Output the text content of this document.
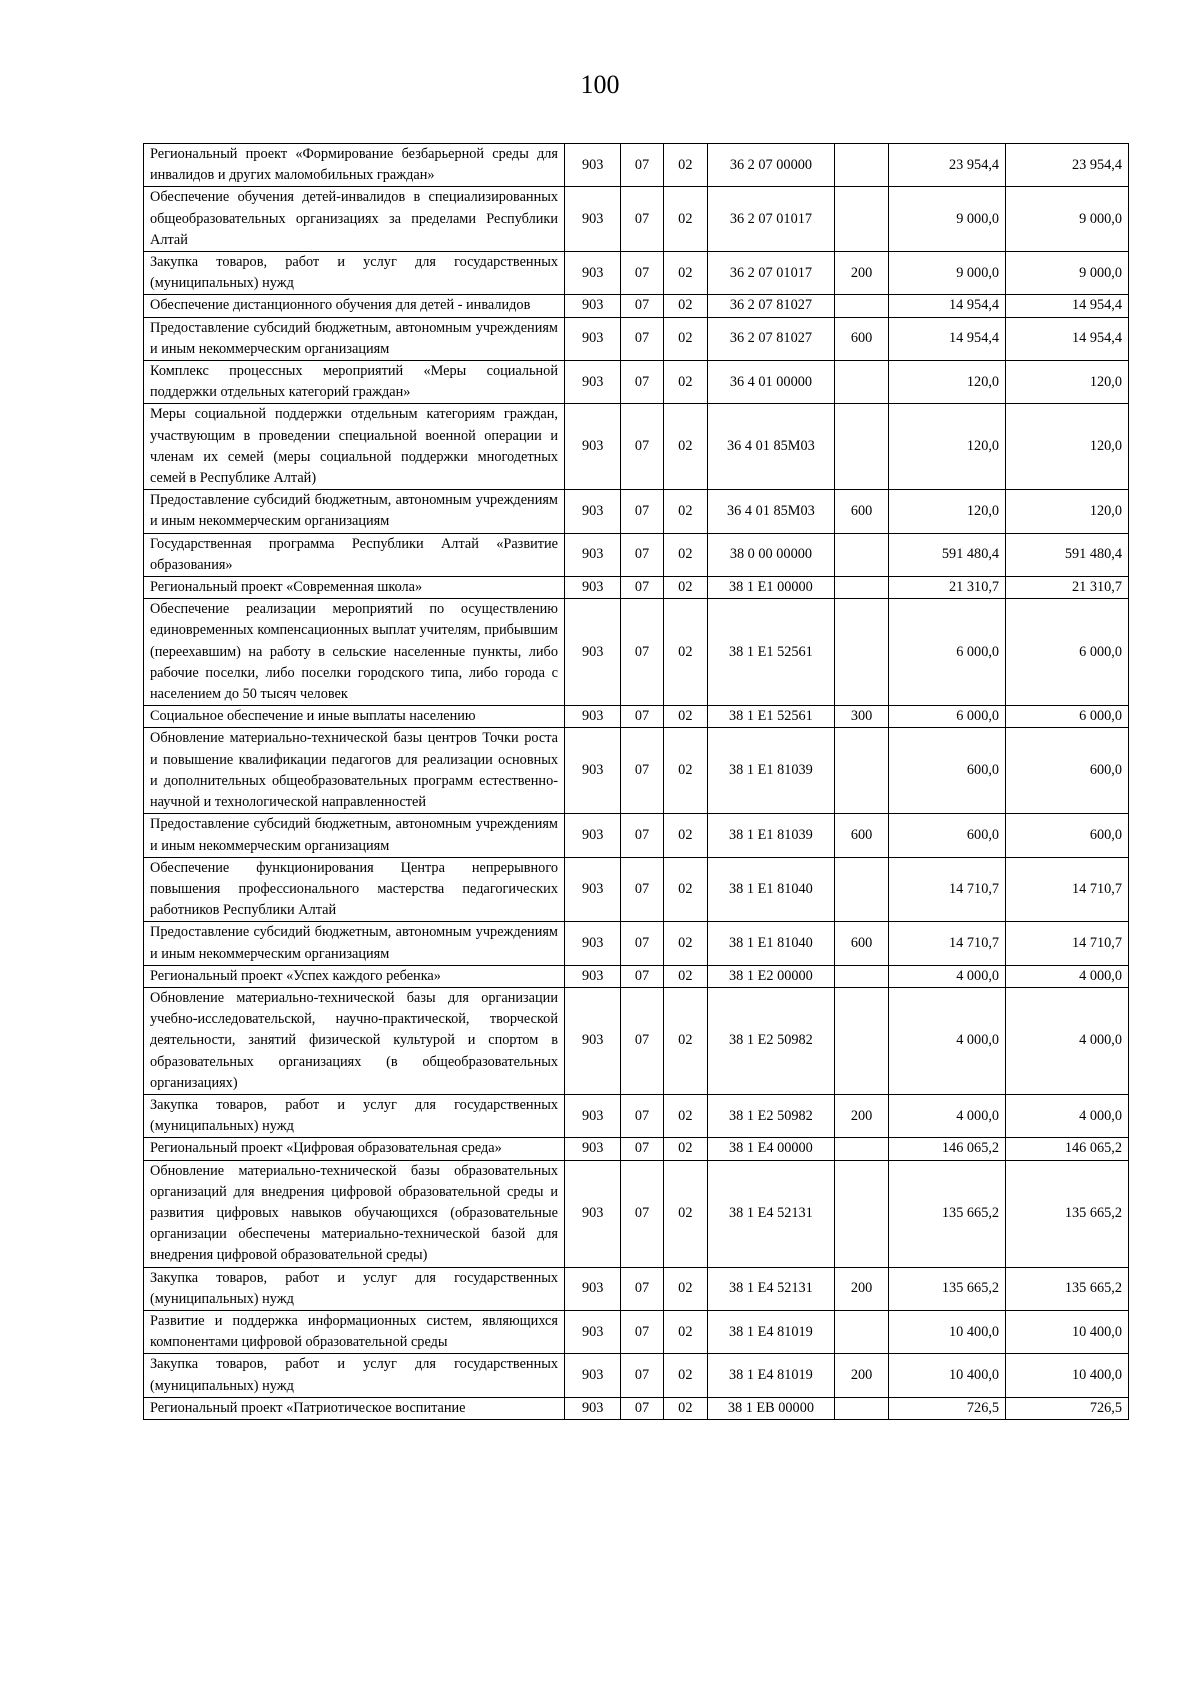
100
Региональный проект «Формирование безбарьерной среды для инвалидов и других маломобильных граждан»	903	07	02	36 2 07 00000		23 954,4	23 954,4
Обеспечение обучения детей-инвалидов в специализированных общеобразовательных организациях за пределами Республики Алтай	903	07	02	36 2 07 01017		9 000,0	9 000,0
Закупка товаров, работ и услуг для государственных (муниципальных) нужд	903	07	02	36 2 07 01017	200	9 000,0	9 000,0
Обеспечение дистанционного обучения для детей - инвалидов	903	07	02	36 2 07 81027		14 954,4	14 954,4
Предоставление субсидий бюджетным, автономным учреждениям и иным некоммерческим организациям	903	07	02	36 2 07 81027	600	14 954,4	14 954,4
Комплекс процессных мероприятий «Меры социальной поддержки отдельных категорий граждан»	903	07	02	36 4 01 00000		120,0	120,0
Меры социальной поддержки отдельным категориям граждан, участвующим в проведении специальной военной операции и членам их семей (меры социальной поддержки многодетных семей в Республике Алтай)	903	07	02	36 4 01 85М03		120,0	120,0
Предоставление субсидий бюджетным, автономным учреждениям и иным некоммерческим организациям	903	07	02	36 4 01 85М03	600	120,0	120,0
Государственная программа Республики Алтай «Развитие образования»	903	07	02	38 0 00 00000		591 480,4	591 480,4
Региональный проект «Современная школа»	903	07	02	38 1 Е1 00000		21 310,7	21 310,7
Обеспечение реализации мероприятий по осуществлению единовременных компенсационных выплат учителям, прибывшим (переехавшим) на работу в сельские населенные пункты, либо рабочие поселки, либо поселки городского типа, либо города с населением до 50 тысяч человек	903	07	02	38 1 Е1 52561		6 000,0	6 000,0
Социальное обеспечение и иные выплаты населению	903	07	02	38 1 Е1 52561	300	6 000,0	6 000,0
Обновление материально-технической базы центров Точки роста и повышение квалификации педагогов для реализации основных и дополнительных общеобразовательных программ естественно-научной и технологической направленностей	903	07	02	38 1 Е1 81039		600,0	600,0
Предоставление субсидий бюджетным, автономным учреждениям и иным некоммерческим организациям	903	07	02	38 1 Е1 81039	600	600,0	600,0
Обеспечение функционирования Центра непрерывного повышения профессионального мастерства педагогических работников Республики Алтай	903	07	02	38 1 Е1 81040		14 710,7	14 710,7
Предоставление субсидий бюджетным, автономным учреждениям и иным некоммерческим организациям	903	07	02	38 1 Е1 81040	600	14 710,7	14 710,7
Региональный проект «Успех каждого ребенка»	903	07	02	38 1 Е2 00000		4 000,0	4 000,0
Обновление материально-технической базы для организации учебно-исследовательской, научно-практической, творческой деятельности, занятий физической культурой и спортом в образовательных организациях (в общеобразовательных организациях)	903	07	02	38 1 Е2 50982		4 000,0	4 000,0
Закупка товаров, работ и услуг для государственных (муниципальных) нужд	903	07	02	38 1 Е2 50982	200	4 000,0	4 000,0
Региональный проект «Цифровая образовательная среда»	903	07	02	38 1 Е4 00000		146 065,2	146 065,2
Обновление материально-технической базы образовательных организаций для внедрения цифровой образовательной среды и развития цифровых навыков обучающихся (образовательные организации обеспечены материально-технической базой для внедрения цифровой образовательной среды)	903	07	02	38 1 Е4 52131		135 665,2	135 665,2
Закупка товаров, работ и услуг для государственных (муниципальных) нужд	903	07	02	38 1 Е4 52131	200	135 665,2	135 665,2
Развитие и поддержка информационных систем, являющихся компонентами цифровой образовательной среды	903	07	02	38 1 Е4 81019		10 400,0	10 400,0
Закупка товаров, работ и услуг для государственных (муниципальных) нужд	903	07	02	38 1 Е4 81019	200	10 400,0	10 400,0
Региональный проект «Патриотическое воспитание	903	07	02	38 1 ЕВ 00000		726,5	726,5
